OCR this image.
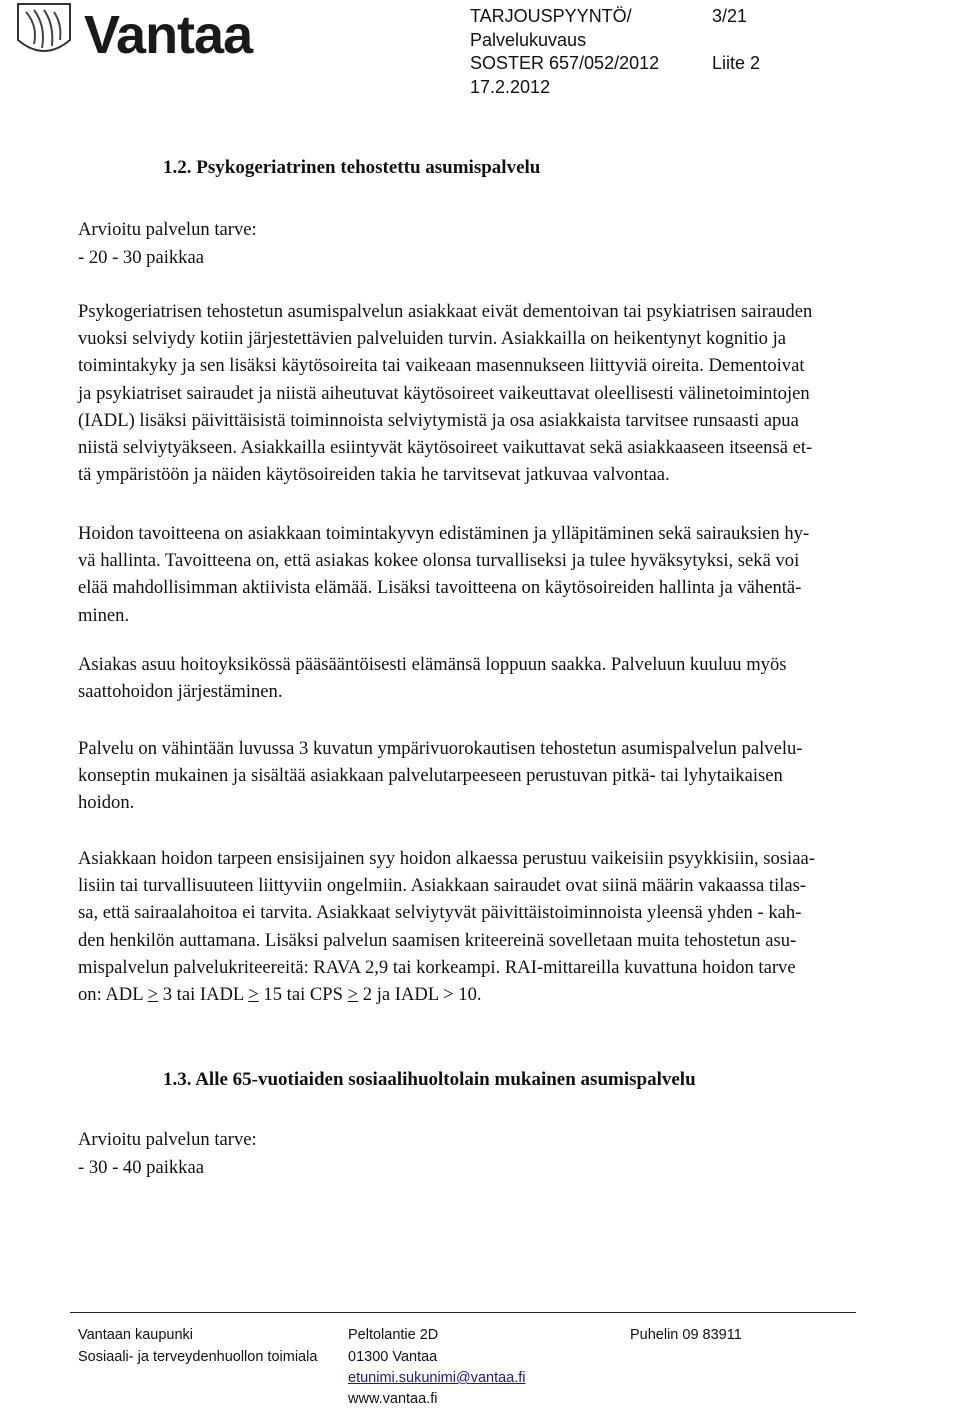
Vantaa	TARJOUSPYYNTÖ/	3/21
Palvelukuvaus
SOSTER 657/052/2012	Liite 2
17.2.2012
1.2. Psykogeriatrinen tehostettu asumispalvelu
Arvioitu palvelun tarve:
- 20 - 30 paikkaa
Psykogeriatrisen tehostetun asumispalvelun asiakkaat eivät dementoivan tai psykiatrisen sairauden
vuoksi selviydy kotiin järjestettävien palveluiden turvin. Asiakkailla on heikentynyt kognitio ja
toimintakyky ja sen lisäksi käytösoireita tai vaikeaan masennukseen liittyviä oireita. Dementoivat
ja psykiatriset sairaudet ja niistä aiheutuvat käytösoireet vaikeuttavat oleellisesti välinetoimintojen
(IADL) lisäksi päivittäisistä toiminnoista selviytymistä ja osa asiakkaista tarvitsee runsaasti apua
niistä selviytyäkseen. Asiakkailla esiintyvät käytösoireet vaikuttavat sekä asiakkaaseen itseensä et-
tä ympäristöön ja näiden käytösoireiden takia he tarvitsevat jatkuvaa valvontaa.
Hoidon tavoitteena on asiakkaan toimintakyvyn edistäminen ja ylläpitäminen sekä sairauksien hy-
vä hallinta. Tavoitteena on, että asiakas kokee olonsa turvalliseksi ja tulee hyväksytyksi, sekä voi
elää mahdollisimman aktiivista elämää. Lisäksi tavoitteena on käytösoireiden hallinta ja vähentä-
minen.
Asiakas asuu hoitoyksikössä pääsääntöisesti elämänsä loppuun saakka. Palveluun kuuluu myös
saattohoidon järjestäminen.
Palvelu on vähintään luvussa 3 kuvatun ympärivuorokautisen tehostetun asumispalvelun palvelu-
konseptin mukainen ja sisältää asiakkaan palvelutarpeeseen perustuvan pitkä- tai lyhytaikaisen
hoidon.
Asiakkaan hoidon tarpeen ensisijainen syy hoidon alkaessa perustuu vaikeisiin psyykkisiin, sosiaa-
lisiin tai turvallisuuteen liittyviin ongelmiin. Asiakkaan sairaudet ovat siinä määrin vakaassa tilas-
sa, että sairaalahoitoa ei tarvita. Asiakkaat selviytyvät päivittäistoiminnoista yleensä yhden - kah-
den henkilön auttamana. Lisäksi palvelun saamisen kriteereinä sovelletaan muita tehostetun asu-
mispalvelun palvelukriteereitä: RAVA 2,9 tai korkeampi. RAI-mittareilla kuvattuna hoidon tarve
on: ADL > 3 tai IADL > 15 tai CPS > 2 ja IADL > 10.
1.3. Alle 65-vuotiaiden sosiaalihuoltolain mukainen asumispalvelu
Arvioitu palvelun tarve:
- 30 - 40 paikkaa
Vantaan kaupunki
Sosiaali- ja terveydenhuollon toimiala
Peltolantie 2D
01300 Vantaa
etunimi.sukunimi@vantaa.fi
www.vantaa.fi
Puhelin 09 83911
